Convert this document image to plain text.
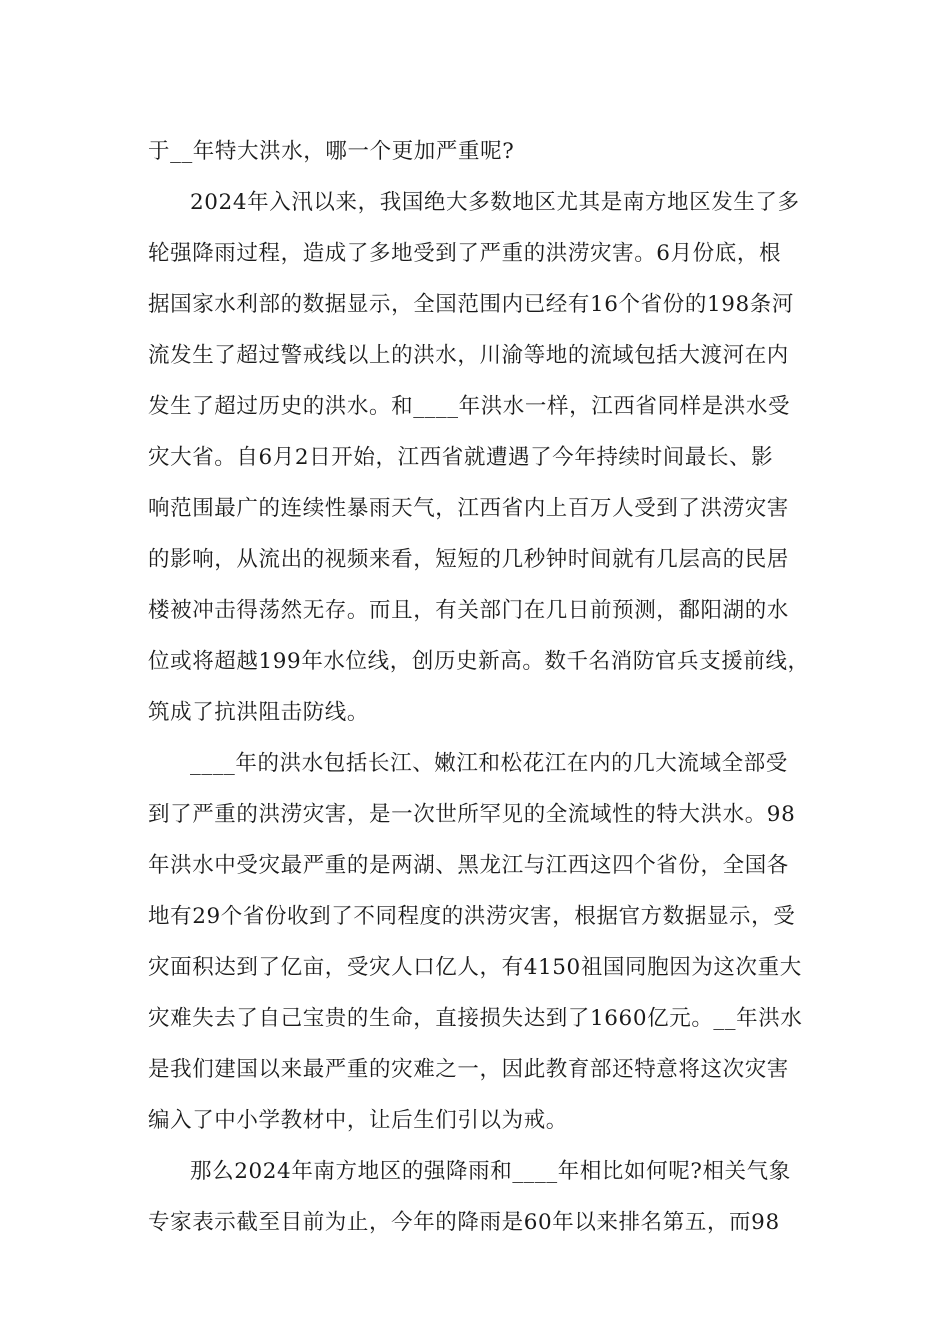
于__年特大洪水，哪一个更加严重呢?
2024年入汛以来，我国绝大多数地区尤其是南方地区发生了多
轮强降雨过程，造成了多地受到了严重的洪涝灾害。6月份底，根
据国家水利部的数据显示，全国范围内已经有16个省份的198条河
流发生了超过警戒线以上的洪水，川渝等地的流域包括大渡河在内
发生了超过历史的洪水。和____年洪水一样，江西省同样是洪水受
灾大省。自6月2日开始，江西省就遭遇了今年持续时间最长、影
响范围最广的连续性暴雨天气，江西省内上百万人受到了洪涝灾害
的影响，从流出的视频来看，短短的几秒钟时间就有几层高的民居
楼被冲击得荡然无存。而且，有关部门在几日前预测，鄱阳湖的水
位或将超越199年水位线，创历史新高。数千名消防官兵支援前线，
筑成了抗洪阻击防线。
____年的洪水包括长江、嫩江和松花江在内的几大流域全部受
到了严重的洪涝灾害，是一次世所罕见的全流域性的特大洪水。98
年洪水中受灾最严重的是两湖、黑龙江与江西这四个省份，全国各
地有29个省份收到了不同程度的洪涝灾害，根据官方数据显示，受
灾面积达到了亿亩，受灾人口亿人，有4150祖国同胞因为这次重大
灾难失去了自己宝贵的生命，直接损失达到了1660亿元。__年洪水
是我们建国以来最严重的灾难之一，因此教育部还特意将这次灾害
编入了中小学教材中，让后生们引以为戒。
那么2024年南方地区的强降雨和____年相比如何呢?相关气象
专家表示截至目前为止，今年的降雨是60年以来排名第五，而98
